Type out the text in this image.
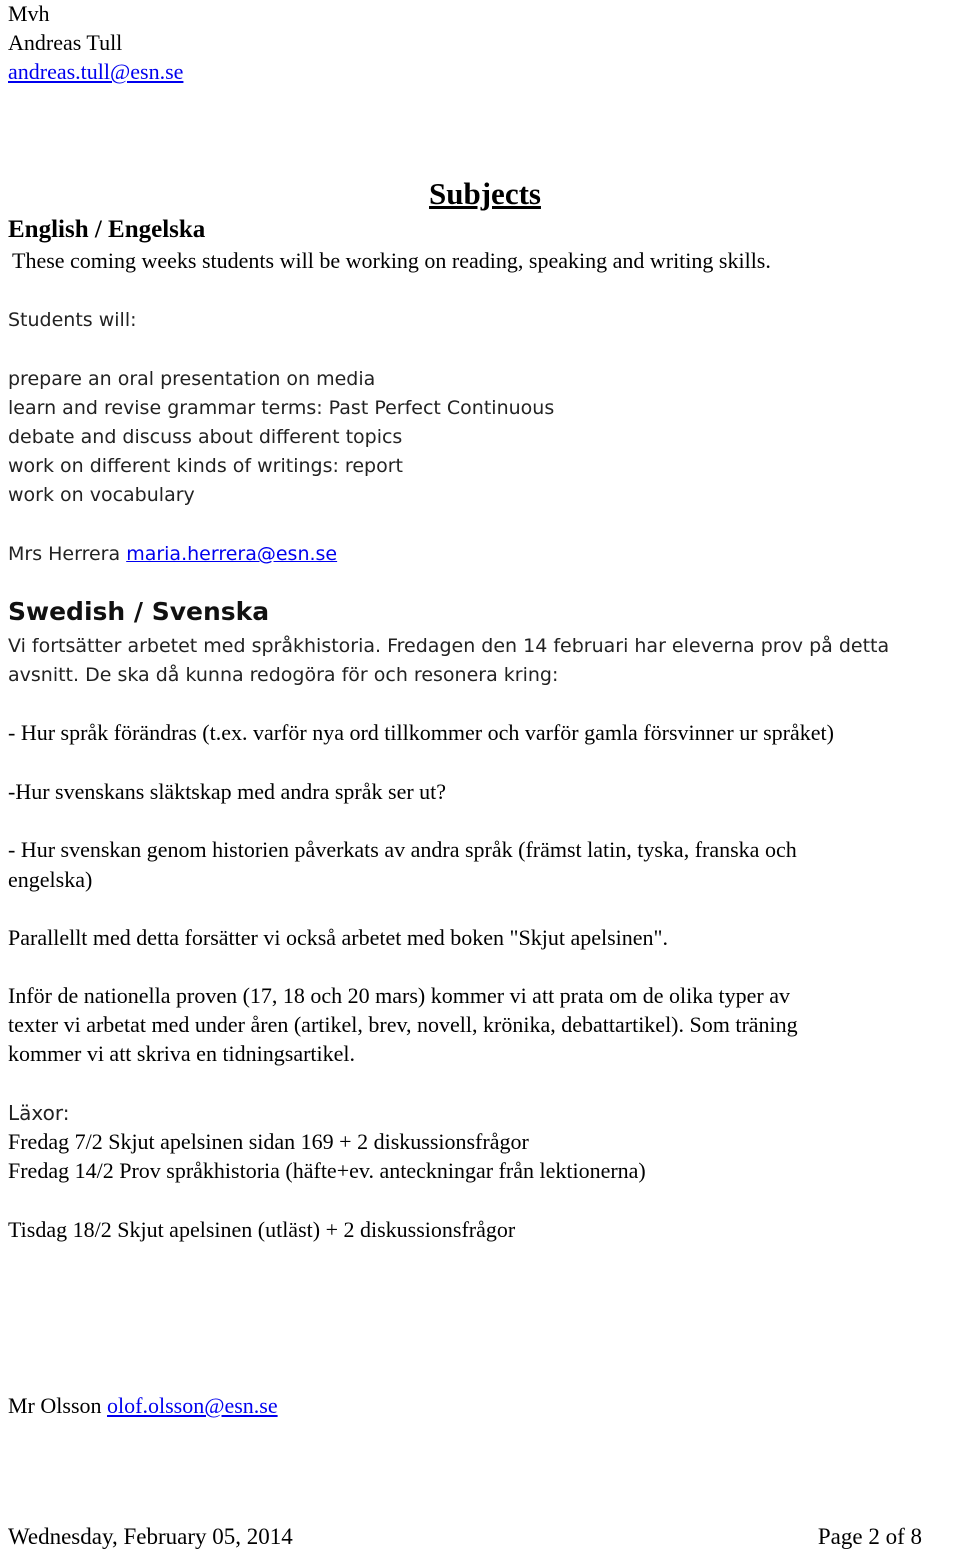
Mvh
Andreas Tull
andreas.tull@esn.se
Subjects
English / Engelska
These coming weeks students will be working on reading, speaking and writing skills.
Students will:
prepare an oral presentation on media
learn and revise grammar terms: Past Perfect Continuous
debate and discuss about different topics
work on different kinds of writings: report
work on vocabulary
Mrs Herrera maria.herrera@esn.se
Swedish / Svenska
Vi fortsätter arbetet med språkhistoria. Fredagen den 14 februari har eleverna prov på detta
avsnitt. De ska då kunna redogöra för och resonera kring:
- Hur språk förändras (t.ex. varför nya ord tillkommer och varför gamla försvinner ur språket)
-Hur svenskans släktskap med andra språk ser ut?
- Hur svenskan genom historien påverkats av andra språk (främst latin, tyska, franska och
engelska)
Parallellt med detta forsätter vi också arbetet med boken "Skjut apelsinen".
Inför de nationella proven (17, 18 och 20 mars) kommer vi att prata om de olika typer av
texter vi arbetat med under åren (artikel, brev, novell, krönika, debattartikel). Som träning
kommer vi att skriva en tidningsartikel.
Läxor:
Fredag 7/2 Skjut apelsinen sidan 169 + 2 diskussionsfrågor
Fredag 14/2 Prov språkhistoria (häfte+ev. anteckningar från lektionerna)
Tisdag 18/2 Skjut apelsinen (utläst) + 2 diskussionsfrågor
Mr Olsson olof.olsson@esn.se
Wednesday, February 05, 2014	Page 2 of 8
